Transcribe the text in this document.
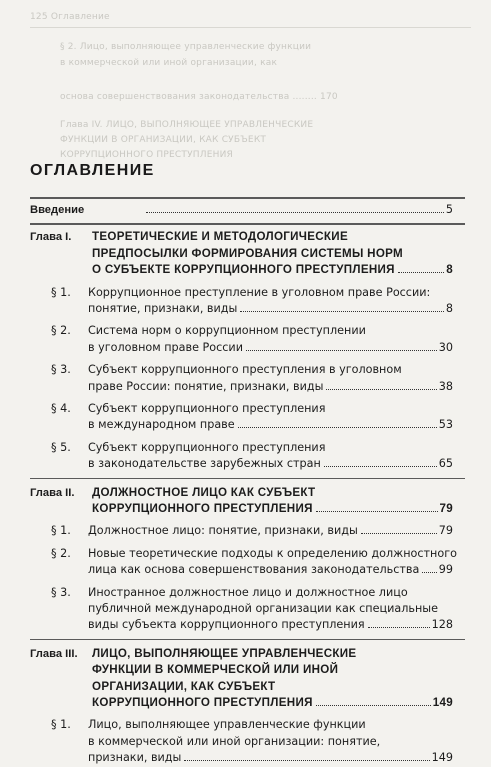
125 Оглавление
§ 2. Лицо, выполняющее управленческие функции
в коммерческой или иной организации, как
основа совершенствования законодательства ........ 170
Глава IV. ЛИЦО, ВЫПОЛНЯЮЩЕЕ УПРАВЛЕНЧЕСКИЕ
ФУНКЦИИ В ОРГАНИЗАЦИИ, КАК СУБЪЕКТ
КОРРУПЦИОННОГО ПРЕСТУПЛЕНИЯ
ОГЛАВЛЕНИЕ
Введение	5
Глава I. ТЕОРЕТИЧЕСКИЕ И МЕТОДОЛОГИЧЕСКИЕ
ПРЕДПОСЫЛКИ ФОРМИРОВАНИЯ СИСТЕМЫ НОРМ
О СУБЪЕКТЕ КОРРУПЦИОННОГО ПРЕСТУПЛЕНИЯ	8
§ 1. Коррупционное преступление в уголовном праве России:
понятие, признаки, виды	8
§ 2. Система норм о коррупционном преступлении
в уголовном праве России	30
§ 3. Субъект коррупционного преступления в уголовном
праве России: понятие, признаки, виды	38
§ 4. Субъект коррупционного преступления
в международном праве	53
§ 5. Субъект коррупционного преступления
в законодательстве зарубежных стран	65
Глава II. ДОЛЖНОСТНОЕ ЛИЦО КАК СУБЪЕКТ
КОРРУПЦИОННОГО ПРЕСТУПЛЕНИЯ	79
§ 1. Должностное лицо: понятие, признаки, виды	79
§ 2. Новые теоретические подходы к определению должностного
лица как основа совершенствования законодательства 99
§ 3. Иностранное должностное лицо и должностное лицо
публичной международной организации как специальные
виды субъекта коррупционного преступления	128
Глава III. ЛИЦО, ВЫПОЛНЯЮЩЕЕ УПРАВЛЕНЧЕСКИЕ
ФУНКЦИИ В КОММЕРЧЕСКОЙ ИЛИ ИНОЙ
ОРГАНИЗАЦИИ, КАК СУБЪЕКТ
КОРРУПЦИОННОГО ПРЕСТУПЛЕНИЯ	149
§ 1. Лицо, выполняющее управленческие функции
в коммерческой или иной организации: понятие,
признаки, виды	149
